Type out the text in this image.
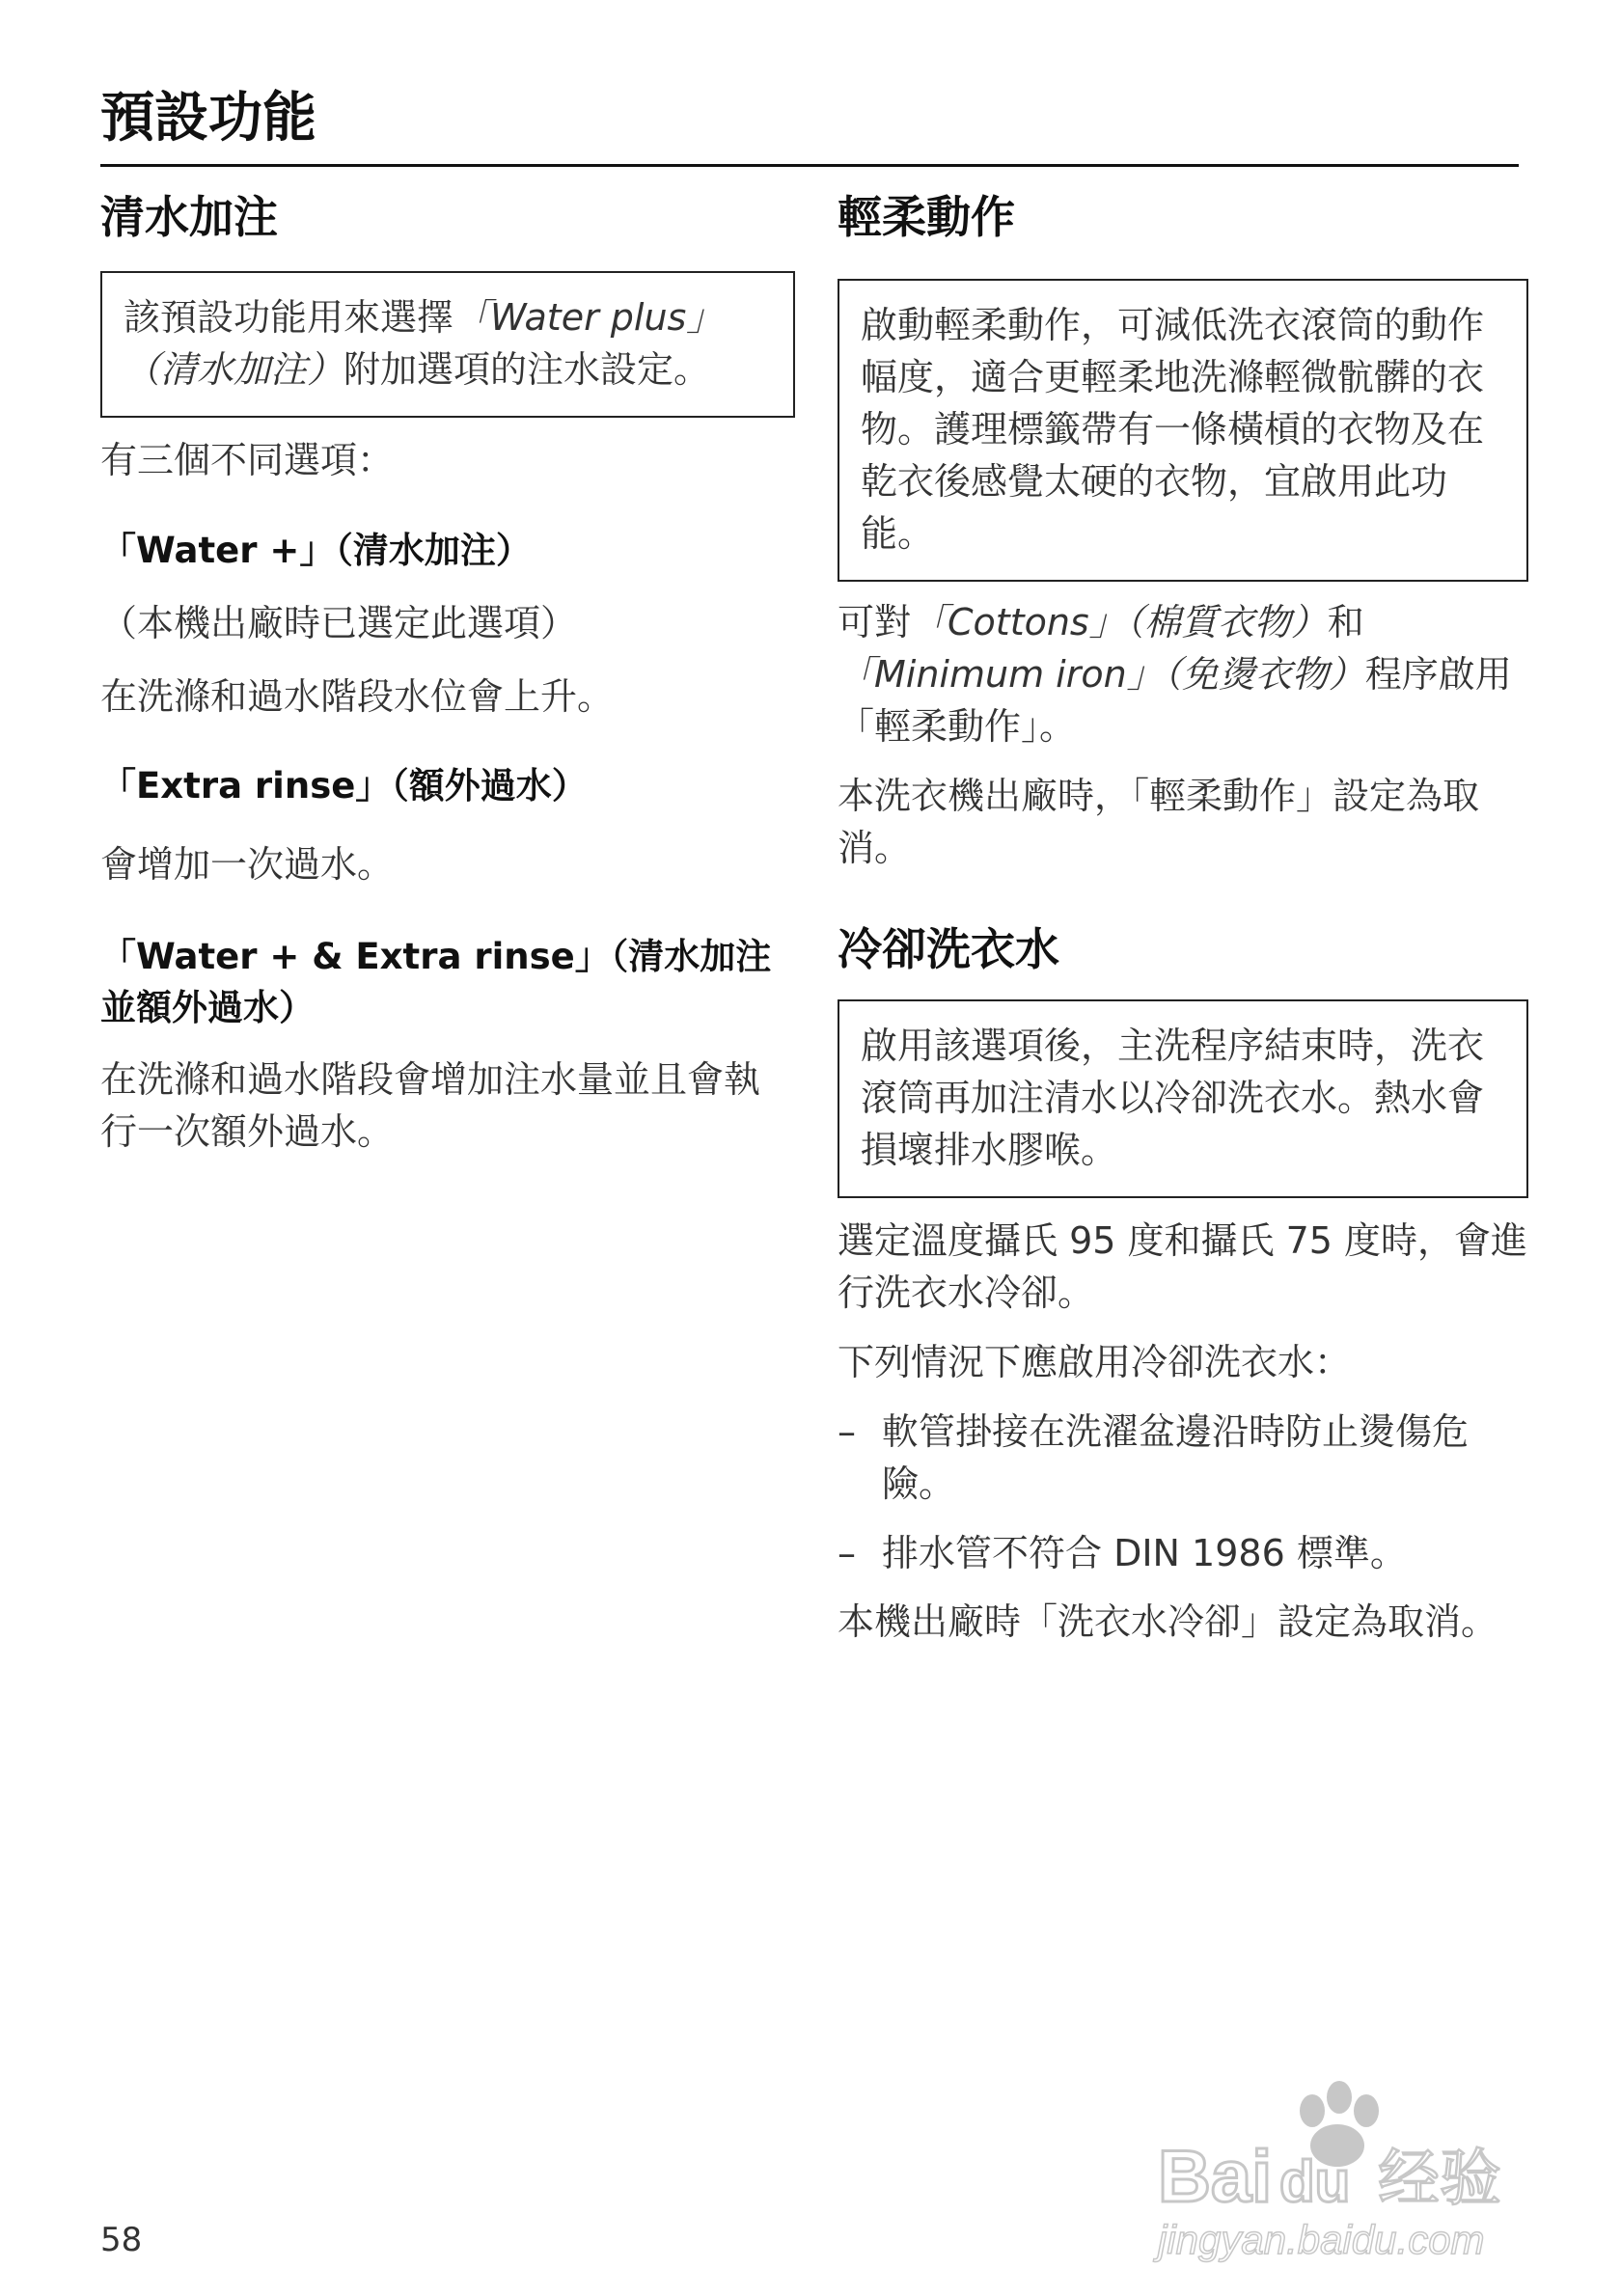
預設功能
清水加注
該預設功能用來選擇「Water plus」（清水加注）附加選項的注水設定。

有三個不同選項：

「Water +」（清水加注）

（本機出廠時已選定此選項）

在洗滌和過水階段水位會上升。

「Extra rinse」（額外過水）

會增加一次過水。

「Water + & Extra rinse」（清水加注並額外過水）

在洗滌和過水階段會增加注水量並且會執行一次額外過水。

輕柔動作
啟動輕柔動作，可減低洗衣滾筒的動作幅度，適合更輕柔地洗滌輕微骯髒的衣物。護理標籤帶有一條橫槓的衣物及在乾衣後感覺太硬的衣物，宜啟用此功能。

可對「Cottons」（棉質衣物）和「Minimum iron」（免燙衣物）程序啟用「輕柔動作」。

本洗衣機出廠時，「輕柔動作」設定為取消。

冷卻洗衣水
啟用該選項後，主洗程序結束時，洗衣滾筒再加注清水以冷卻洗衣水。熱水會損壞排水膠喉。

選定溫度攝氏 95 度和攝氏 75 度時，會進行洗衣水冷卻。

下列情況下應啟用冷卻洗衣水：

– 軟管掛接在洗濯盆邊沿時防止燙傷危險。
– 排水管不符合 DIN 1986 標準。

本機出廠時「洗衣水冷卻」設定為取消。

58
Bai du 经验
jingyan.baidu.com
